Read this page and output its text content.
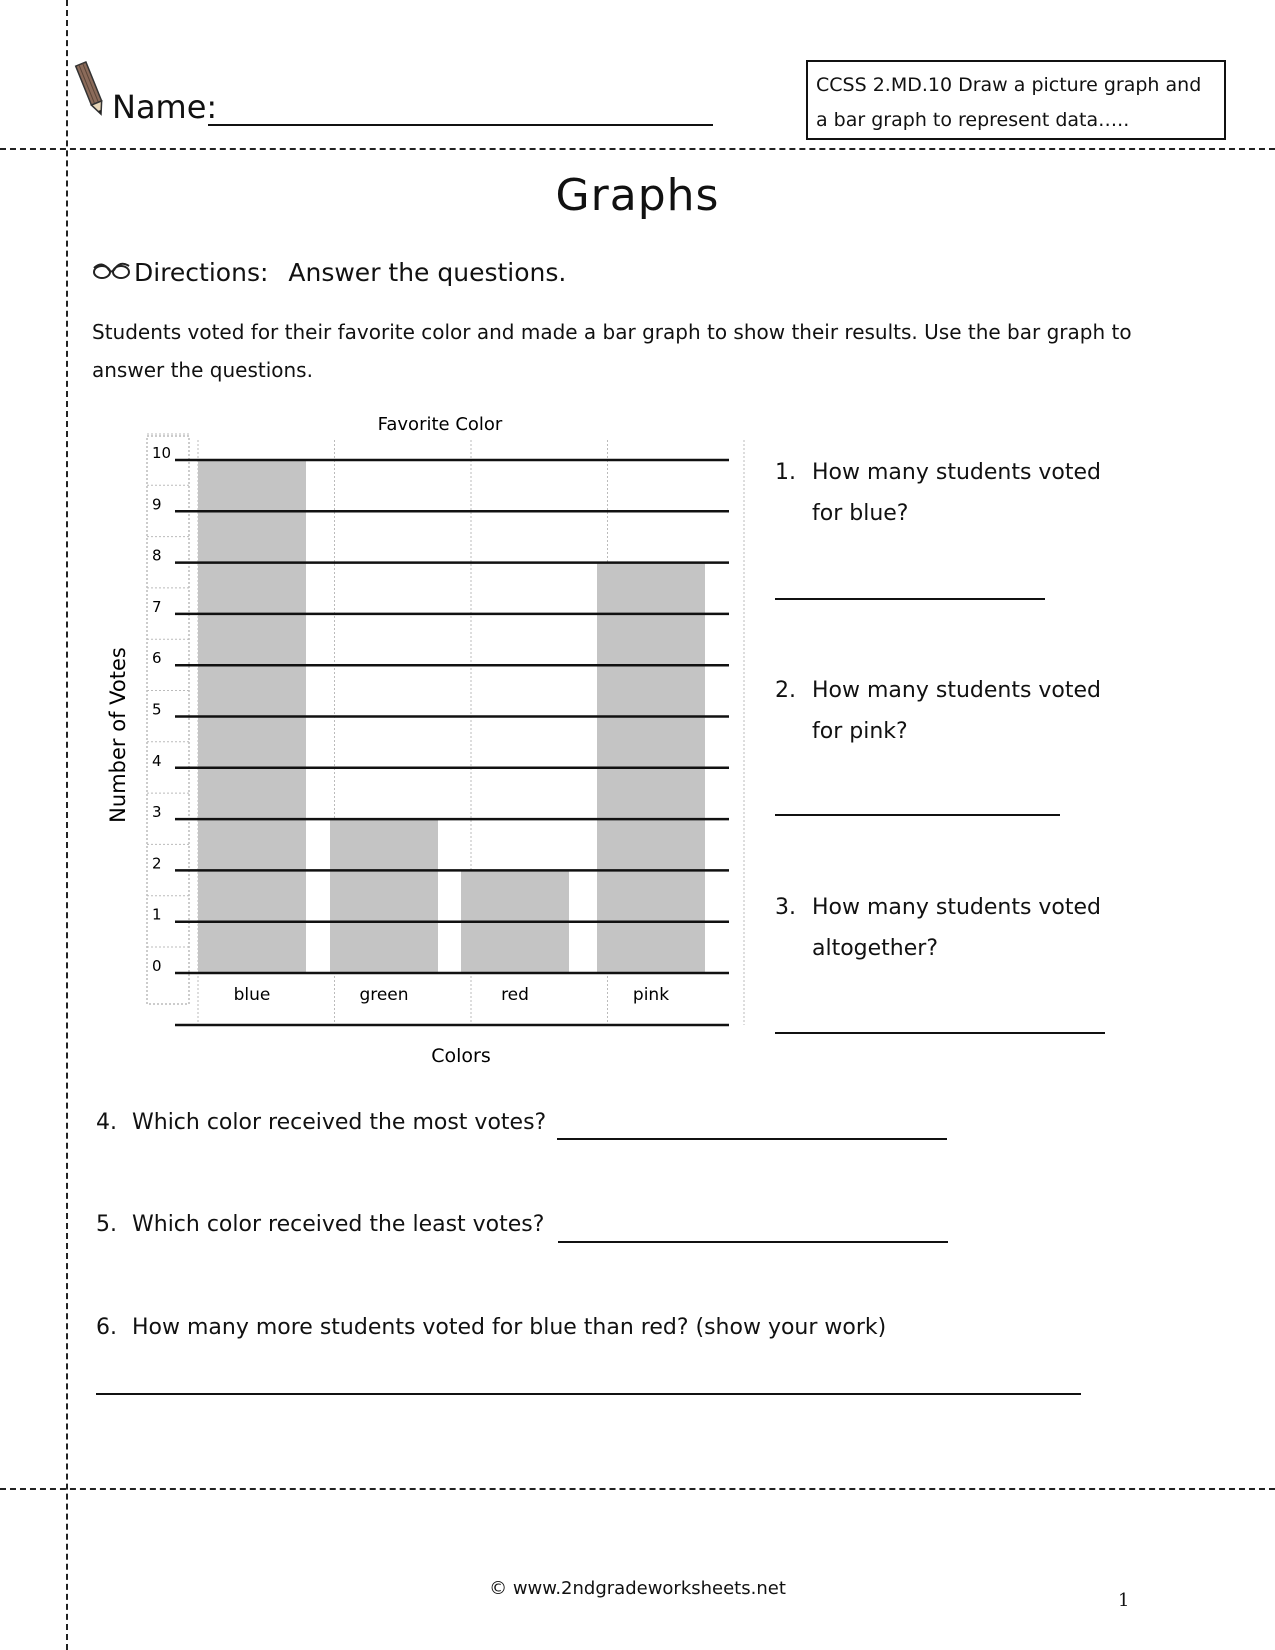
Name:
CCSS 2.MD.10 Draw a picture graph and
a bar graph to represent data…..
Graphs
Directions: Answer the questions.
Students voted for their favorite color and made a bar graph to show their results. Use the bar graph to answer the questions.
Favorite Color
Number of Votes
Colors
0
1
2
3
4
5
6
7
8
9
10
blue	green	red	pink
1. How many students voted for blue?
2. How many students voted for pink?
3. How many students voted altogether?
4. Which color received the most votes?
5. Which color received the least votes?
6. How many more students voted for blue than red? (show your work)
© www.2ndgradeworksheets.net
1
